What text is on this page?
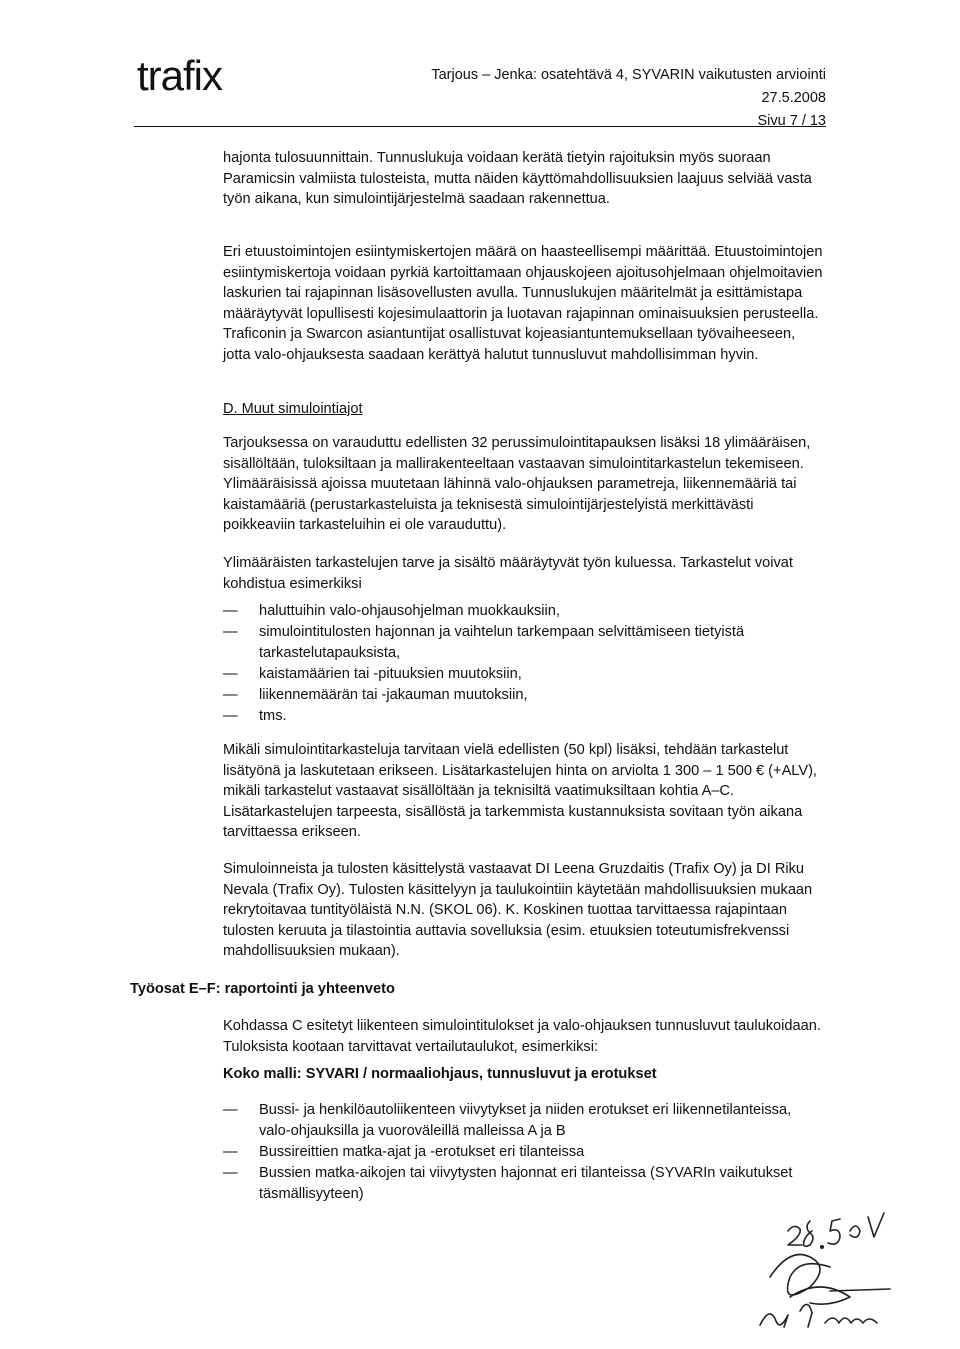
trafix	Tarjous – Jenka: osatehtävä 4, SYVARIN vaikutusten arviointi
27.5.2008
Sivu 7 / 13

hajonta tulosuunnittain. Tunnuslukuja voidaan kerätä tietyin rajoituksin myös suoraan Paramicsin valmiista tulosteista, mutta näiden käyttömahdollisuuksien laajuus selviää vasta työn aikana, kun simulointijärjestelmä saadaan rakennettua.

Eri etuustoimintojen esiintymiskertojen määrä on haasteellisempi määrittää. Etuustoimintojen esiintymiskertoja voidaan pyrkiä kartoittamaan ohjauskojeen ajoitusohjelmaan ohjelmoitavien laskurien tai rajapinnan lisäsovellusten avulla. Tunnuslukujen määritelmät ja esittämistapa määräytyvät lopullisesti kojesimulaattorin ja luotavan rajapinnan ominaisuuksien perusteella. Traficonin ja Swarcon asiantuntijat osallistuvat kojeasiantuntemuksellaan työvaiheeseen, jotta valo-ohjauksesta saadaan kerättyä halutut tunnusluvut mahdollisimman hyvin.

D. Muut simulointiajot

Tarjouksessa on varauduttu edellisten 32 perussimulointitapauksen lisäksi 18 ylimääräisen, sisällöltään, tuloksiltaan ja mallirakenteeltaan vastaavan simulointitarkastelun tekemiseen. Ylimääräisissä ajoissa muutetaan lähinnä valo-ohjauksen parametreja, liikennemääriä tai kaistamääriä (perustarkasteluista ja teknisestä simulointijärjestelyistä merkittävästi poikkeaviin tarkasteluihin ei ole varauduttu).

Ylimääräisten tarkastelujen tarve ja sisältö määräytyvät työn kuluessa. Tarkastelut voivat kohdistua esimerkiksi

— haluttuihin valo-ohjausohjelman muokkauksiin,
— simulointitulosten hajonnan ja vaihtelun tarkempaan selvittämiseen tietyistä tarkastelutapauksista,
— kaistamäärien tai -pituuksien muutoksiin,
— liikennemäärän tai -jakauman muutoksiin,
— tms.

Mikäli simulointitarkasteluja tarvitaan vielä edellisten (50 kpl) lisäksi, tehdään tarkastelut lisätyönä ja laskutetaan erikseen. Lisätarkastelujen hinta on arviolta 1 300 – 1 500 € (+ALV), mikäli tarkastelut vastaavat sisällöltään ja teknisiltä vaatimuksiltaan kohtia A–C. Lisätarkastelujen tarpeesta, sisällöstä ja tarkemmista kustannuksista sovitaan työn aikana tarvittaessa erikseen.

Simuloinneista ja tulosten käsittelystä vastaavat DI Leena Gruzdaitis (Trafix Oy) ja DI Riku Nevala (Trafix Oy). Tulosten käsittelyyn ja taulukointiin käytetään mahdollisuuksien mukaan rekrytoitavaa tuntityöläistä N.N. (SKOL 06). K. Koskinen tuottaa tarvittaessa rajapintaan tulosten keruuta ja tilastointia auttavia sovelluksia (esim. etuuksien toteutumisfrekvenssi mahdollisuuksien mukaan).

Työosat E–F: raportointi ja yhteenveto

Kohdassa C esitetyt liikenteen simulointitulokset ja valo-ohjauksen tunnusluvut taulukoidaan. Tuloksista kootaan tarvittavat vertailutaulukot, esimerkiksi:

Koko malli: SYVARI / normaaliohjaus, tunnusluvut ja erotukset
— Bussi- ja henkilöautoliikenteen viivytykset ja niiden erotukset eri liikennetilanteissa, valo-ohjauksilla ja vuoroväleillä malleissa A ja B
— Bussireittien matka-ajat ja -erotukset eri tilanteissa
— Bussien matka-aikojen tai viivytysten hajonnat eri tilanteissa (SYVARIn vaikutukset täsmällisyyteen)
